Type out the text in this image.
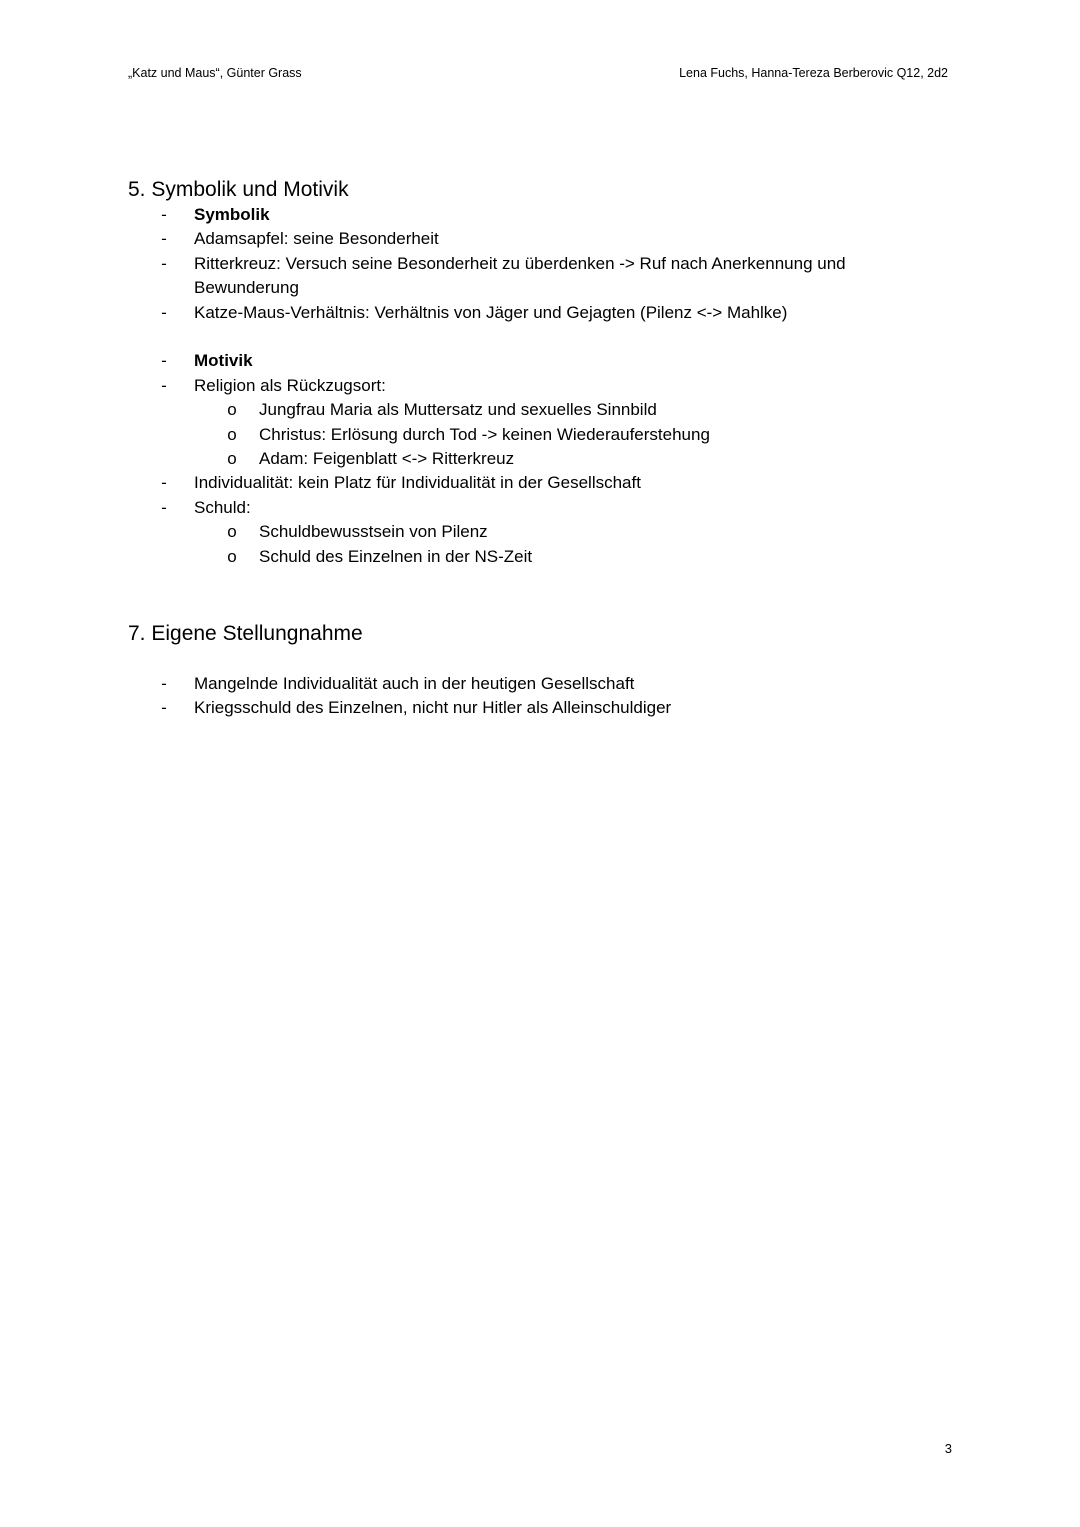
„Katz und Maus“, Günter Grass	Lena Fuchs, Hanna-Tereza Berberovic Q12, 2d2
5. Symbolik und Motivik
- Symbolik
- Adamsapfel: seine Besonderheit
- Ritterkreuz: Versuch seine Besonderheit zu überdenken -> Ruf nach Anerkennung und Bewunderung
- Katze-Maus-Verhältnis: Verhältnis von Jäger und Gejagten (Pilenz <-> Mahlke)
- Motivik
- Religion als Rückzugsort:
o Jungfrau Maria als Muttersatz und sexuelles Sinnbild
o Christus: Erlösung durch Tod -> keinen Wiederauferstehung
o Adam: Feigenblatt <-> Ritterkreuz
- Individualität: kein Platz für Individualität in der Gesellschaft
- Schuld:
o Schuldbewusstsein von Pilenz
o Schuld des Einzelnen in der NS-Zeit
7. Eigene Stellungnahme
- Mangelnde Individualität auch in der heutigen Gesellschaft
- Kriegsschuld des Einzelnen, nicht nur Hitler als Alleinschuldiger
3
